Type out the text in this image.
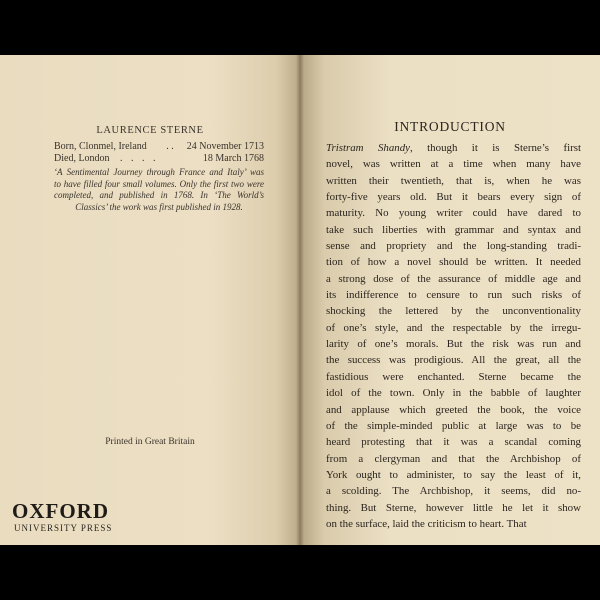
LAURENCE STERNE
Born, Clonmel, Ireland	. .	24 November 1713
Died, London	. . . .	18 March 1768
‘A Sentimental Journey through France and Italy’ was
to have filled four small volumes. Only the first two were
completed, and published in 1768. In ‘The World’s
Classics’ the work was first published in 1928.
Printed in Great Britain
OXFORD
UNIVERSITY PRESS
INTRODUCTION
Tristram Shandy, though it is Sterne’s first
novel, was written at a time when many have
written their twentieth, that is, when he was
forty-five years old. But it bears every sign of
maturity. No young writer could have dared to
take such liberties with grammar and syntax and
sense and propriety and the long-standing tradi-
tion of how a novel should be written. It needed
a strong dose of the assurance of middle age and
its indifference to censure to run such risks of
shocking the lettered by the unconventionality
of one’s style, and the respectable by the irregu-
larity of one’s morals. But the risk was run and
the success was prodigious. All the great, all the
fastidious were enchanted. Sterne became the
idol of the town. Only in the babble of laughter
and applause which greeted the book, the voice
of the simple-minded public at large was to be
heard protesting that it was a scandal coming
from a clergyman and that the Archbishop of
York ought to administer, to say the least of it,
a scolding. The Archbishop, it seems, did no-
thing. But Sterne, however little he let it show
on the surface, laid the criticism to heart. That
